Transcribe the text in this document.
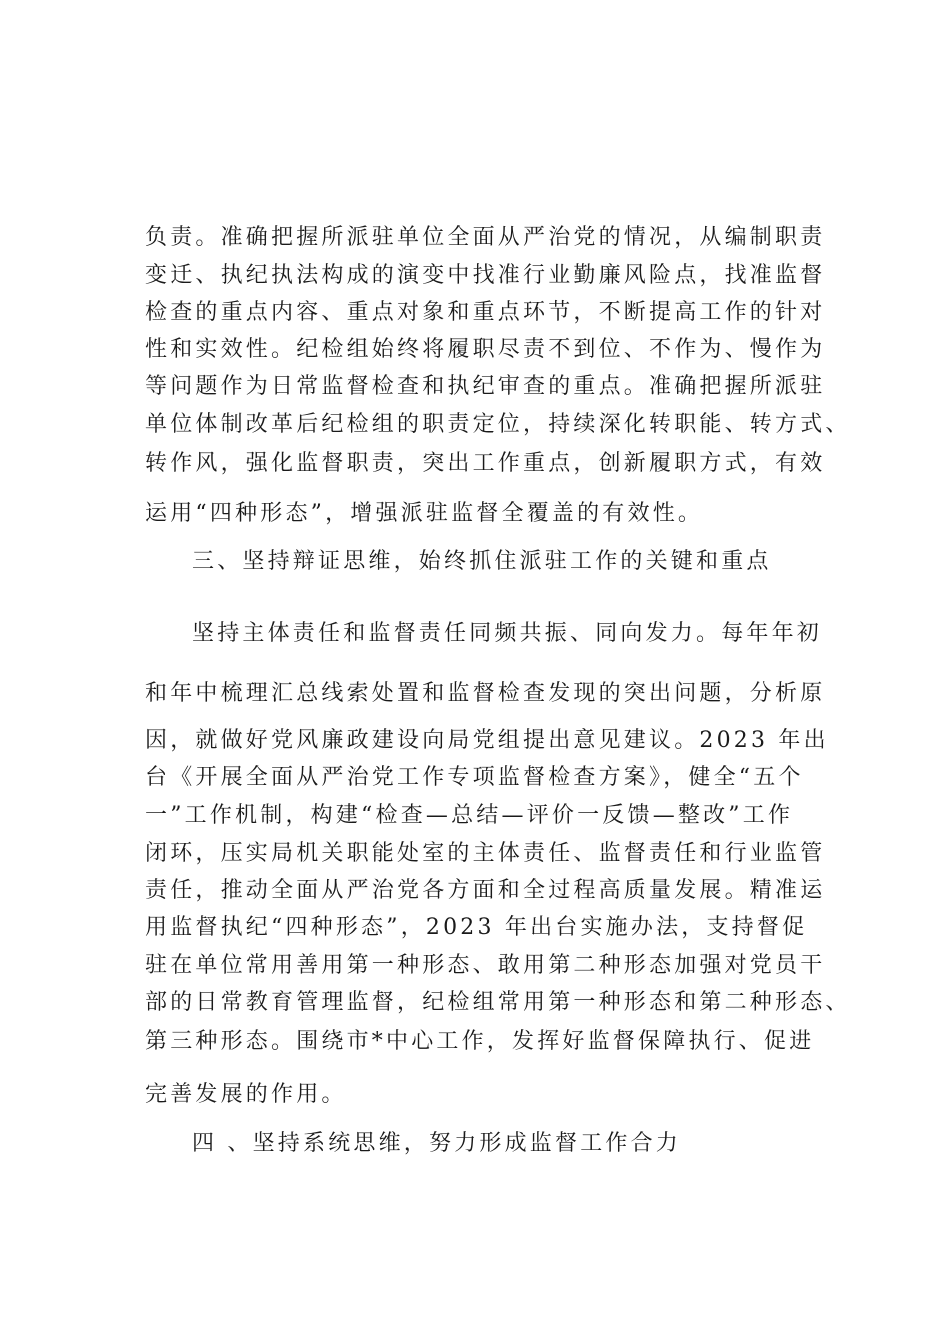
负责。准确把握所派驻单位全面从严治党的情况，从编制职责
变迁、执纪执法构成的演变中找准行业勤廉风险点，找准监督
检查的重点内容、重点对象和重点环节，不断提高工作的针对
性和实效性。纪检组始终将履职尽责不到位、不作为、慢作为
等问题作为日常监督检查和执纪审查的重点。准确把握所派驻
单位体制改革后纪检组的职责定位，持续深化转职能、转方式、
转作风，强化监督职责，突出工作重点，创新履职方式，有效
运用“四种形态”，增强派驻监督全覆盖的有效性。
三、坚持辩证思维，始终抓住派驻工作的关键和重点
坚持主体责任和监督责任同频共振、同向发力。每年年初
和年中梳理汇总线索处置和监督检查发现的突出问题，分析原
因，就做好党风廉政建设向局党组提出意见建议。2023 年出
台《开展全面从严治党工作专项监督检查方案》，健全“五个
一”工作机制，构建“检查—总结—评价一反馈—整改”工作
闭环，压实局机关职能处室的主体责任、监督责任和行业监管
责任，推动全面从严治党各方面和全过程高质量发展。精准运
用监督执纪“四种形态”，2023 年出台实施办法，支持督促
驻在单位常用善用第一种形态、敢用第二种形态加强对党员干
部的日常教育管理监督，纪检组常用第一种形态和第二种形态、
第三种形态。围绕市*中心工作，发挥好监督保障执行、促进
完善发展的作用。
四 、坚持系统思维，努力形成监督工作合力
